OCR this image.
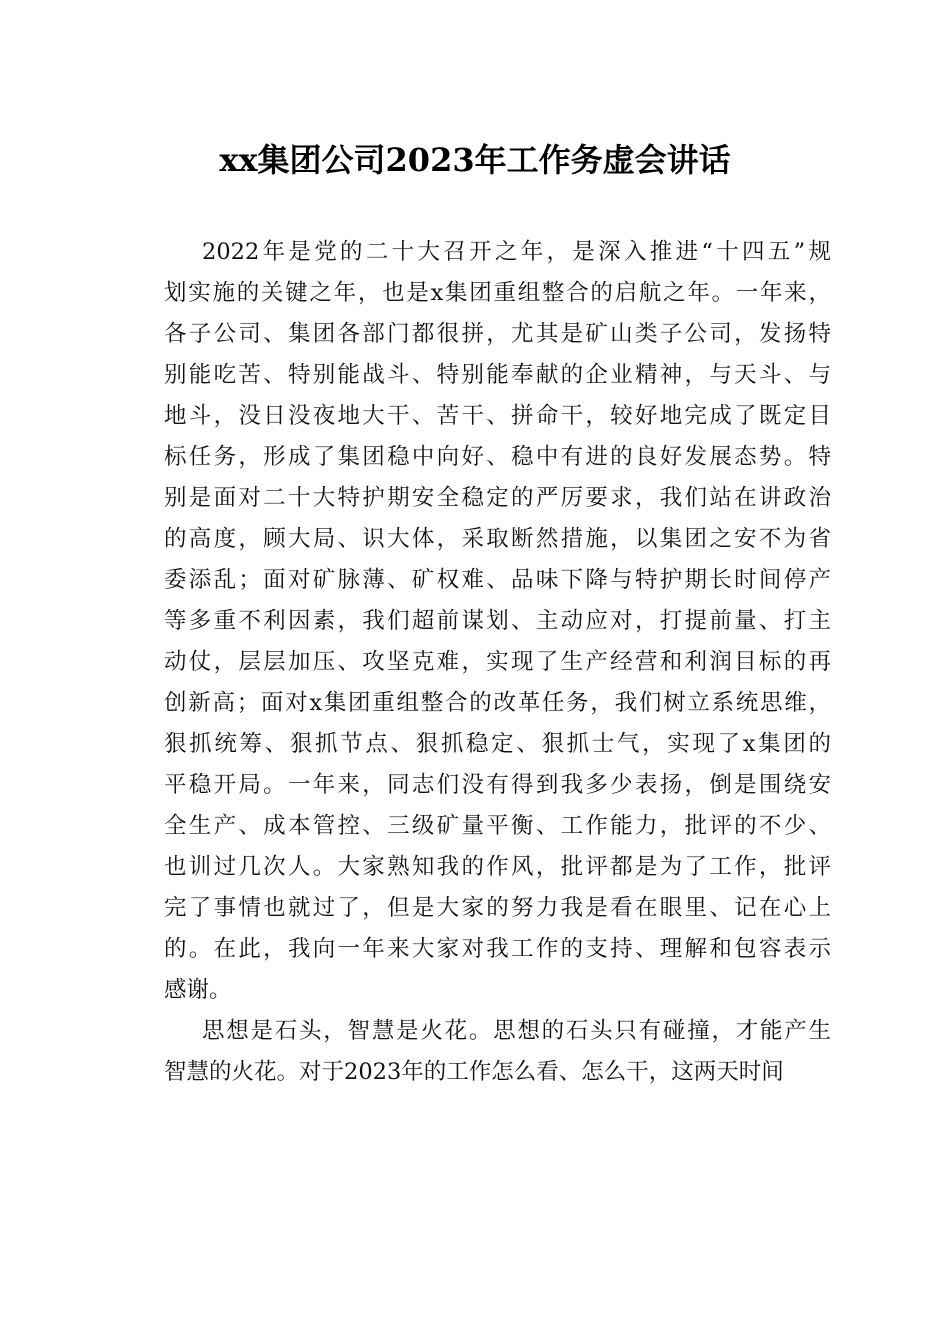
xx集团公司2023年工作务虚会讲话
2022年是党的二十大召开之年，是深入推进“十四五”规
划实施的关键之年，也是x集团重组整合的启航之年。一年来，
各子公司、集团各部门都很拼，尤其是矿山类子公司，发扬特
别能吃苦、特别能战斗、特别能奉献的企业精神，与天斗、与
地斗，没日没夜地大干、苦干、拼命干，较好地完成了既定目
标任务，形成了集团稳中向好、稳中有进的良好发展态势。特
别是面对二十大特护期安全稳定的严厉要求，我们站在讲政治
的高度，顾大局、识大体，采取断然措施，以集团之安不为省
委添乱；面对矿脉薄、矿权难、品味下降与特护期长时间停产
等多重不利因素，我们超前谋划、主动应对，打提前量、打主
动仗，层层加压、攻坚克难，实现了生产经营和利润目标的再
创新高；面对x集团重组整合的改革任务，我们树立系统思维，
狠抓统筹、狠抓节点、狠抓稳定、狠抓士气，实现了x集团的
平稳开局。一年来，同志们没有得到我多少表扬，倒是围绕安
全生产、成本管控、三级矿量平衡、工作能力，批评的不少、
也训过几次人。大家熟知我的作风，批评都是为了工作，批评
完了事情也就过了，但是大家的努力我是看在眼里、记在心上
的。在此，我向一年来大家对我工作的支持、理解和包容表示
感谢。
思想是石头，智慧是火花。思想的石头只有碰撞，才能产生
智慧的火花。对于2023年的工作怎么看、怎么干，这两天时间
